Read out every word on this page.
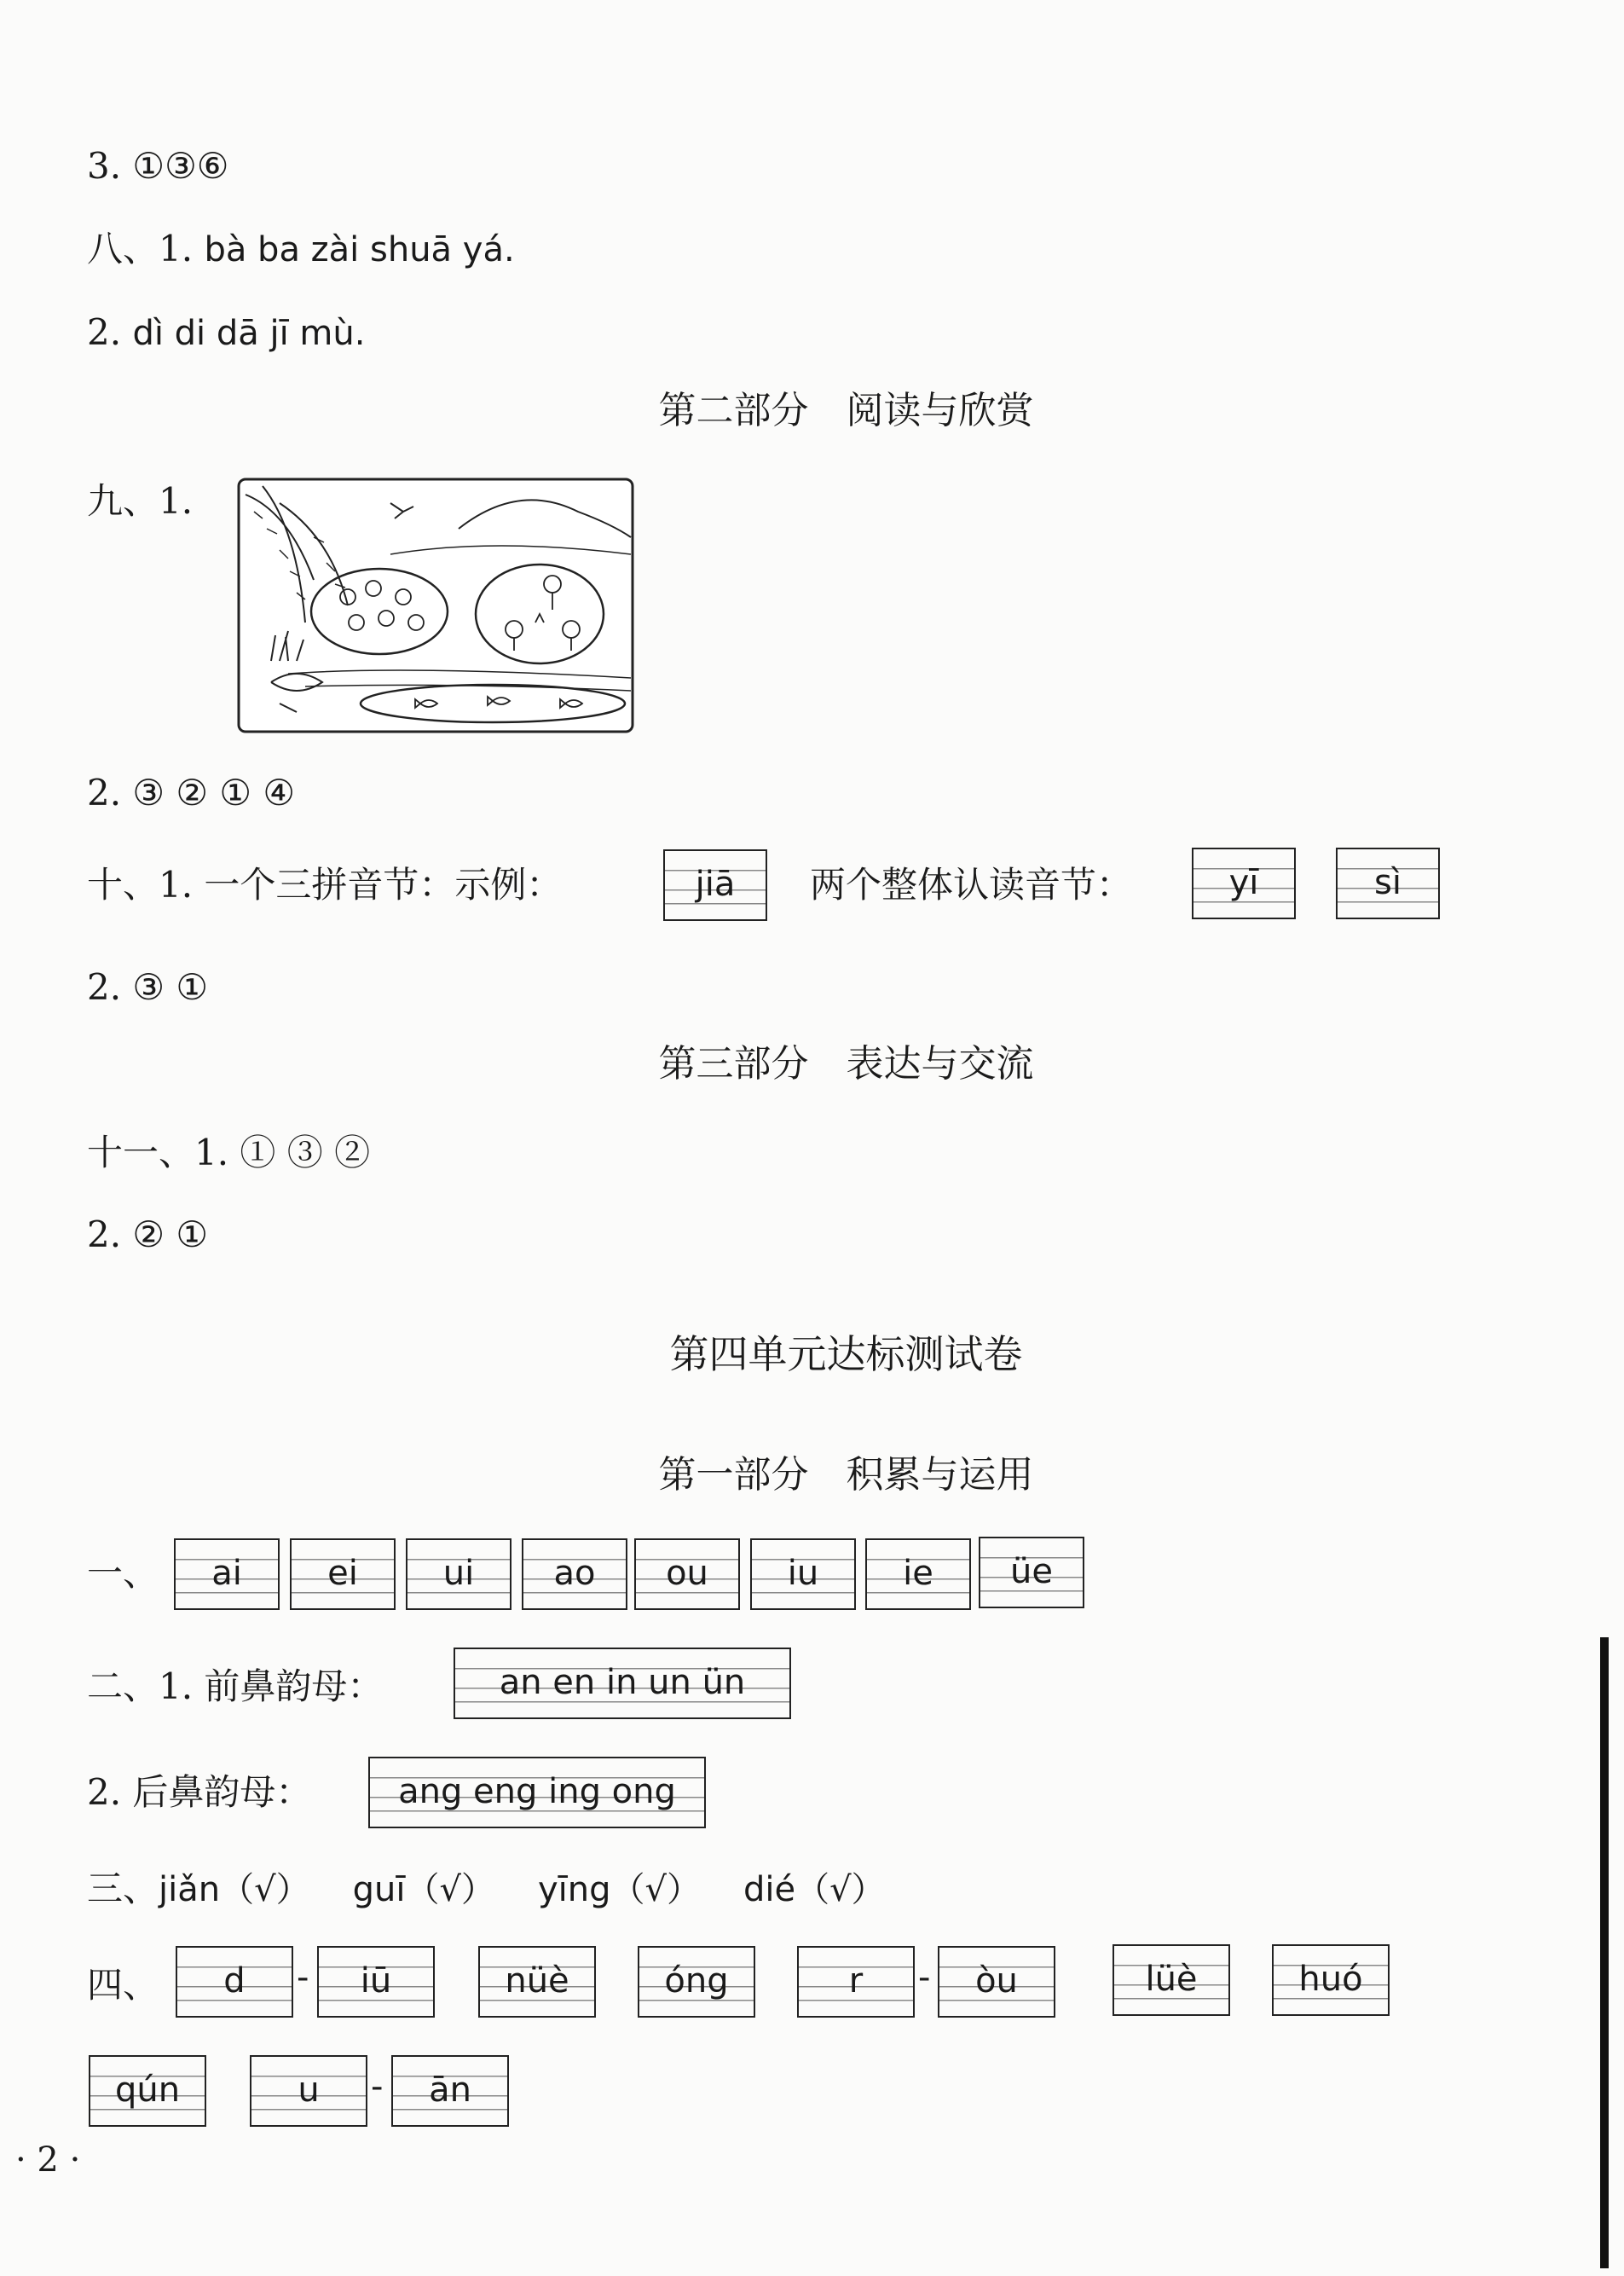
3. ①③⑥
八、1. bà ba zài shuā yá.
2. dì di dā jī mù.
第二部分　阅读与欣赏
九、1.
2. ③ ② ① ④
十、1. 一个三拼音节：示例：	jiā	两个整体认读音节：	yī	sì
2. ③ ①
第三部分　表达与交流
十一、1. ① ③ ②
2. ② ①
第四单元达标测试卷
第一部分　积累与运用
一、	ai	ei	ui	ao	ou	iu	ie	üe
二、1. 前鼻韵母：	an en in un ün
2. 后鼻韵母：	ang eng ing ong
三、jiǎn（√） guī（√） yīng（√） dié（√）
四、	d	-	iū	nüè	óng	r	-	òu	lüè	huó
qún	u	-	ān
· 2 ·
